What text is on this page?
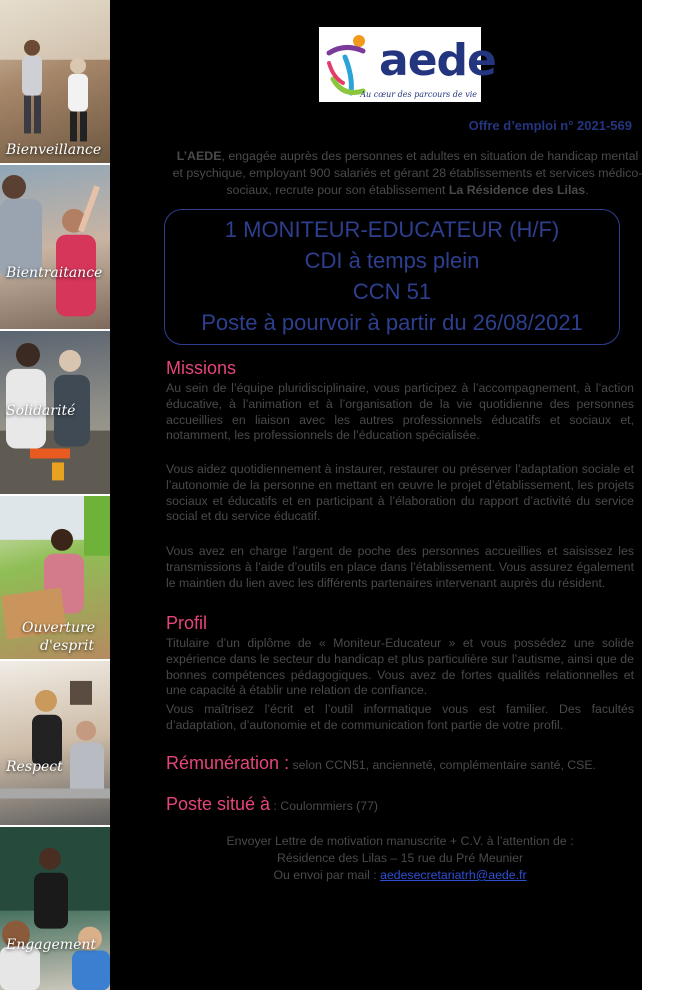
Bienveillance
Bientraitance
Solidarité
Ouverture
d'esprit
Respect
Engagement
aede
Au cœur des parcours de vie
Offre d’emploi n° 2021-569
L’AEDE, engagée auprès des personnes et adultes en situation de handicap mental et psychique, employant 900 salariés et gérant 28 établissements et services médico-sociaux, recrute pour son établissement La Résidence des Lilas.
1 MONITEUR-EDUCATEUR (H/F)
CDI à temps plein
CCN 51
Poste à pourvoir à partir du 26/08/2021
Missions
Au sein de l’équipe pluridisciplinaire, vous participez à l’accompagnement, à l’action éducative, à l’animation et à l’organisation de la vie quotidienne des personnes accueillies en liaison avec les autres professionnels éducatifs et sociaux et, notamment, les professionnels de l’éducation spécialisée.
Vous aidez quotidiennement à instaurer, restaurer ou préserver l’adaptation sociale et l’autonomie de la personne en mettant en œuvre le projet d’établissement, les projets sociaux et éducatifs et en participant à l’élaboration du rapport d’activité du service social et du service éducatif.
Vous avez en charge l’argent de poche des personnes accueillies et saisissez les transmissions à l’aide d’outils en place dans l’établissement. Vous assurez également le maintien du lien avec les différents partenaires intervenant auprès du résident.
Profil
Titulaire d’un diplôme de « Moniteur-Educateur » et vous possédez une solide expérience dans le secteur du handicap et plus particulière sur l’autisme, ainsi que de bonnes compétences pédagogiques. Vous avez de fortes qualités relationnelles et une capacité à établir une relation de confiance.
Vous maîtrisez l’écrit et l’outil informatique vous est familier. Des facultés d’adaptation, d’autonomie et de communication font partie de votre profil.
Rémunération : selon CCN51, ancienneté, complémentaire santé, CSE.
Poste situé à : Coulommiers (77)
Envoyer Lettre de motivation manuscrite + C.V. à l’attention de :
Résidence des Lilas – 15 rue du Pré Meunier
Ou envoi par mail : aedesecretariatrh@aede.fr
